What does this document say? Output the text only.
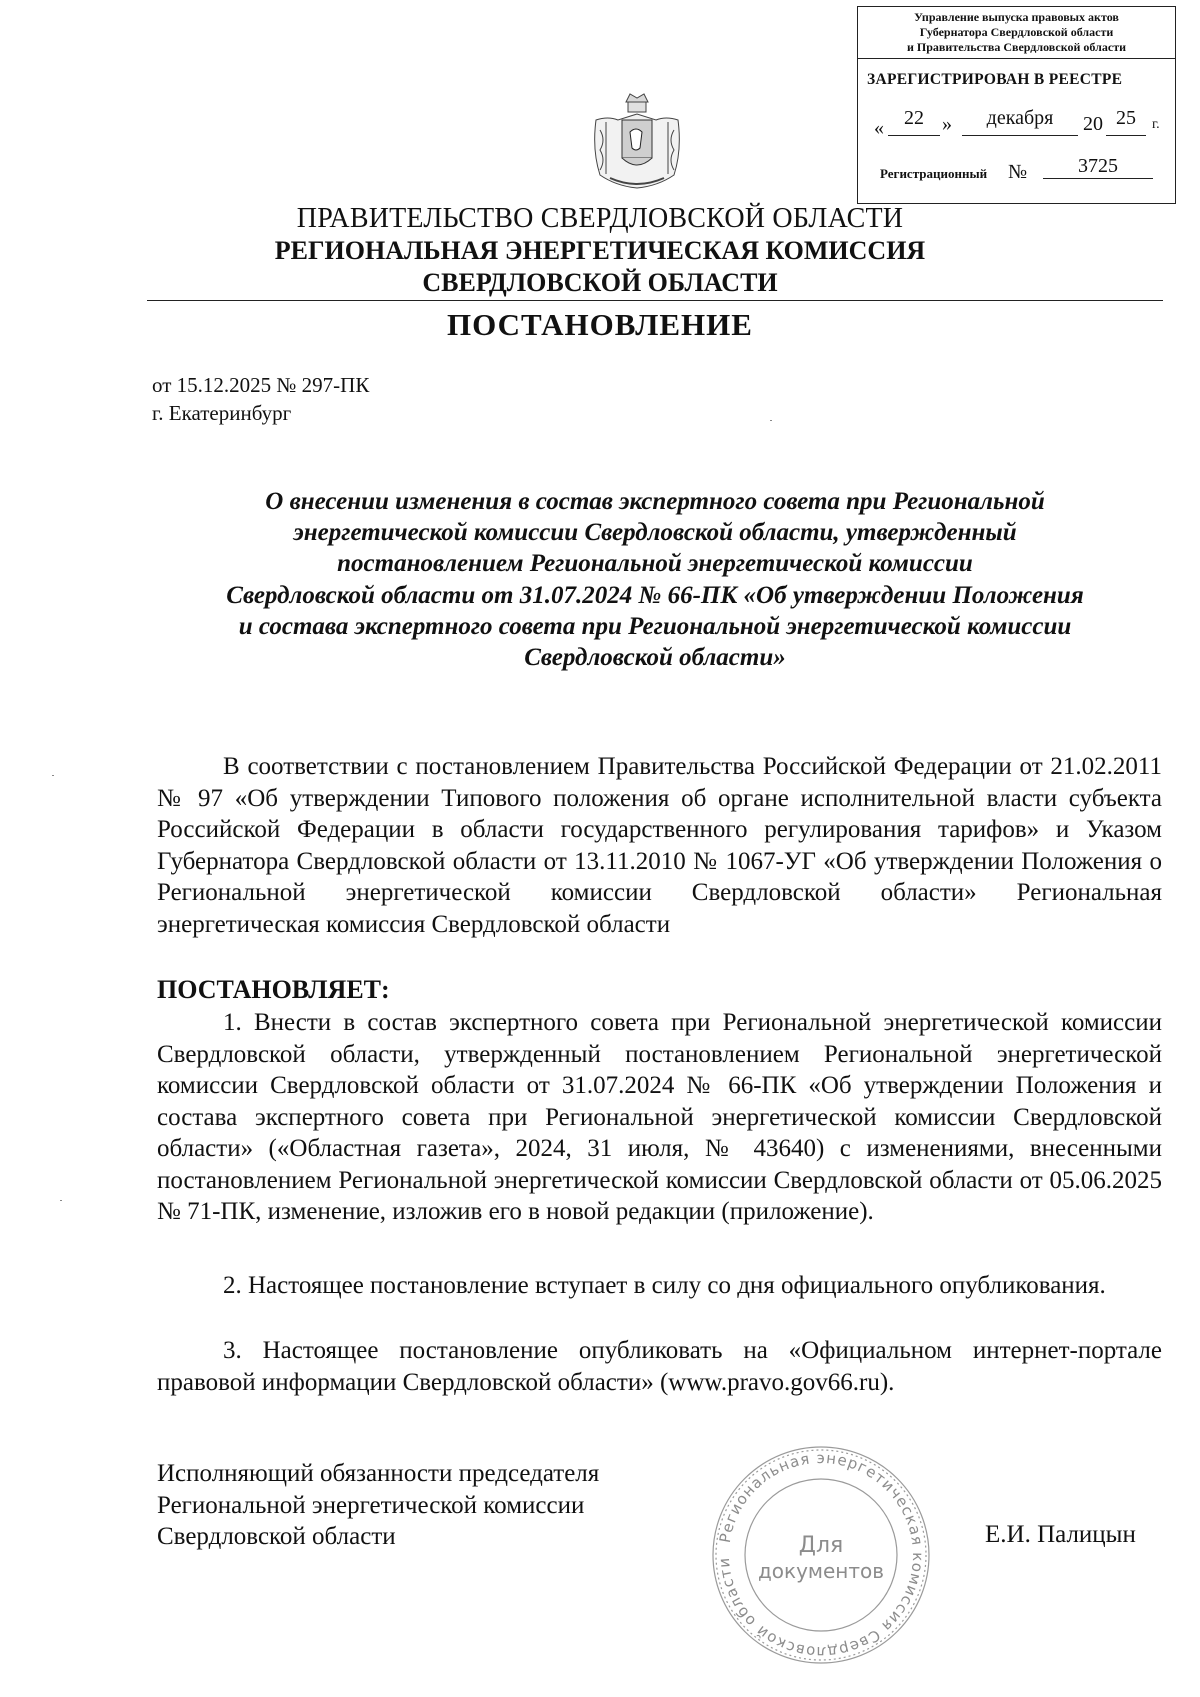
Управление выпуска правовых актов
Губернатора Свердловской области
и Правительства Свердловской области
ЗАРЕГИСТРИРОВАН В РЕЕСТРЕ
«	22 »	декабря	20 25	г.
Регистрационный №	3725
ПРАВИТЕЛЬСТВО СВЕРДЛОВСКОЙ ОБЛАСТИ
РЕГИОНАЛЬНАЯ ЭНЕРГЕТИЧЕСКАЯ КОМИССИЯ
СВЕРДЛОВСКОЙ ОБЛАСТИ
ПОСТАНОВЛЕНИЕ
от 15.12.2025 № 297-ПК
г. Екатеринбург
О внесении изменения в состав экспертного совета при Региональной
энергетической комиссии Свердловской области, утвержденный
постановлением Региональной энергетической комиссии
Свердловской области от 31.07.2024 № 66-ПК «Об утверждении Положения
и состава экспертного совета при Региональной энергетической комиссии
Свердловской области»
В соответствии с постановлением Правительства Российской Федерации от 21.02.2011 № 97 «Об утверждении Типового положения об органе исполнительной власти субъекта Российской Федерации в области государственного регулирования тарифов» и Указом Губернатора Свердловской области от 13.11.2010 № 1067-УГ «Об утверждении Положения о Региональной энергетической комиссии Свердловской области» Региональная энергетическая комиссия Свердловской области
ПОСТАНОВЛЯЕТ:
1. Внести в состав экспертного совета при Региональной энергетической комиссии Свердловской области, утвержденный постановлением Региональной энергетической комиссии Свердловской области от 31.07.2024 № 66-ПК «Об утверждении Положения и состава экспертного совета при Региональной энергетической комиссии Свердловской области» («Областная газета», 2024, 31 июля, № 43640) с изменениями, внесенными постановлением Региональной энергетической комиссии Свердловской области от 05.06.2025 № 71-ПК, изменение, изложив его в новой редакции (приложение).
2. Настоящее постановление вступает в силу со дня официального опубликования.
3. Настоящее постановление опубликовать на «Официальном интернет-портале правовой информации Свердловской области» (www.pravo.gov66.ru).
Исполняющий обязанности председателя
Региональной энергетической комиссии
Свердловской области	Региональная энергетическая комиссия Свердловской области
Для
документов
Е.И. Палицын
